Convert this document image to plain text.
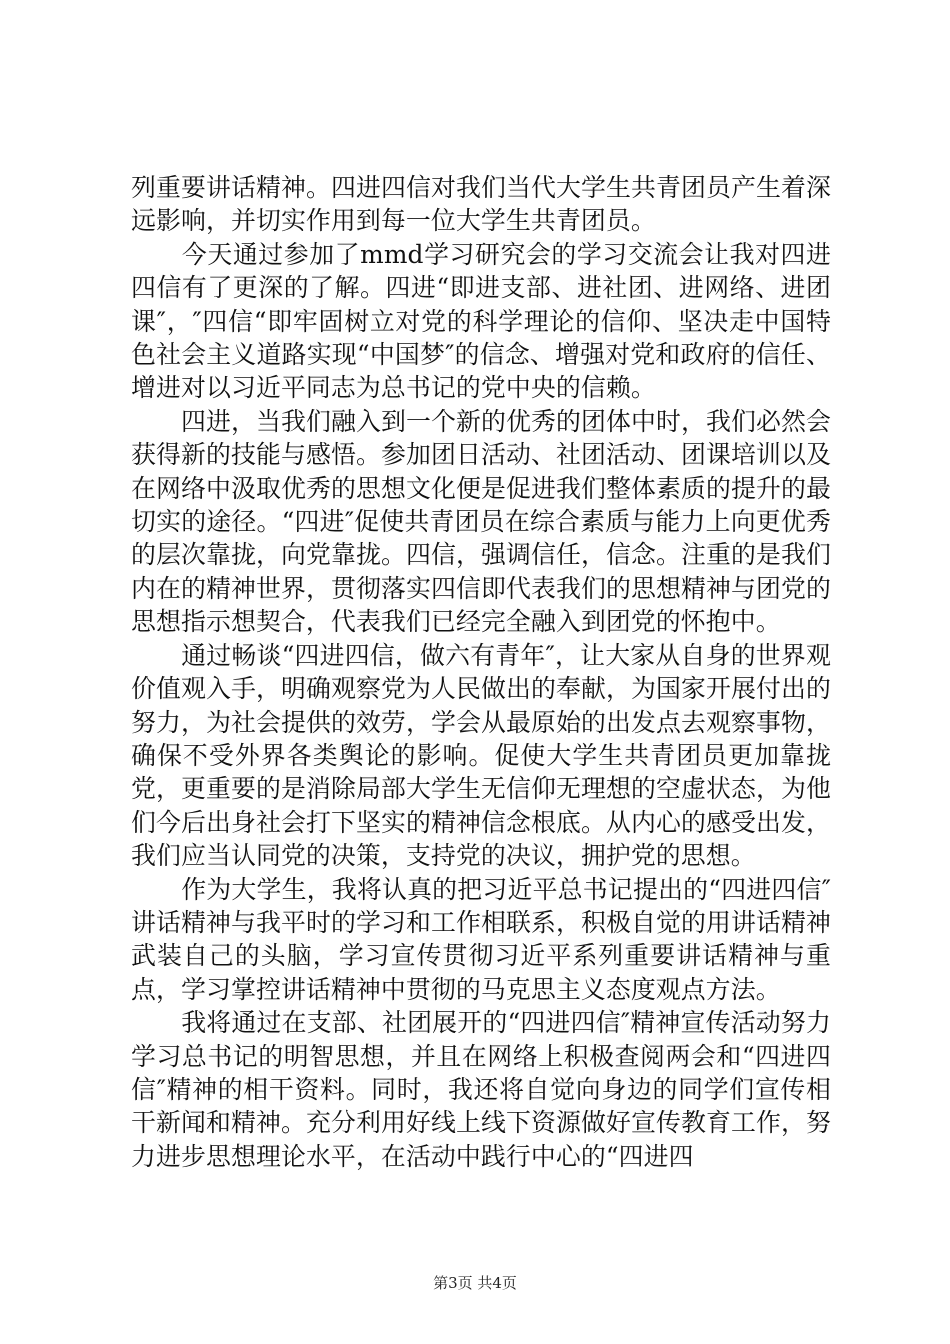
列重要讲话精神。四进四信对我们当代大学生共青团员产生着深远影响，并切实作用到每一位大学生共青团员。

　　今天通过参加了mmd学习研究会的学习交流会让我对四进四信有了更深的了解。四进“即进支部、进社团、进网络、进团课″，″四信“即牢固树立对党的科学理论的信仰、坚决走中国特色社会主义道路实现“中国梦″的信念、增强对党和政府的信任、增进对以习近平同志为总书记的党中央的信赖。

　　四进，当我们融入到一个新的优秀的团体中时，我们必然会获得新的技能与感悟。参加团日活动、社团活动、团课培训以及在网络中汲取优秀的思想文化便是促进我们整体素质的提升的最切实的途径。“四进″促使共青团员在综合素质与能力上向更优秀的层次靠拢，向党靠拢。四信，强调信任，信念。注重的是我们内在的精神世界，贯彻落实四信即代表我们的思想精神与团党的思想指示想契合，代表我们已经完全融入到团党的怀抱中。

　　通过畅谈“四进四信，做六有青年″，让大家从自身的世界观价值观入手，明确观察党为人民做出的奉献，为国家开展付出的努力，为社会提供的效劳，学会从最原始的出发点去观察事物，确保不受外界各类舆论的影响。促使大学生共青团员更加靠拢党，更重要的是消除局部大学生无信仰无理想的空虚状态，为他们今后出身社会打下坚实的精神信念根底。从内心的感受出发，我们应当认同党的决策，支持党的决议，拥护党的思想。

　　作为大学生，我将认真的把习近平总书记提出的“四进四信″讲话精神与我平时的学习和工作相联系，积极自觉的用讲话精神武装自己的头脑，学习宣传贯彻习近平系列重要讲话精神与重点，学习掌控讲话精神中贯彻的马克思主义态度观点方法。

　　我将通过在支部、社团展开的“四进四信″精神宣传活动努力学习总书记的明智思想，并且在网络上积极查阅两会和“四进四信″精神的相干资料。同时，我还将自觉向身边的同学们宣传相干新闻和精神。充分利用好线上线下资源做好宣传教育工作，努力进步思想理论水平，在活动中践行中心的“四进四

第3页 共4页
